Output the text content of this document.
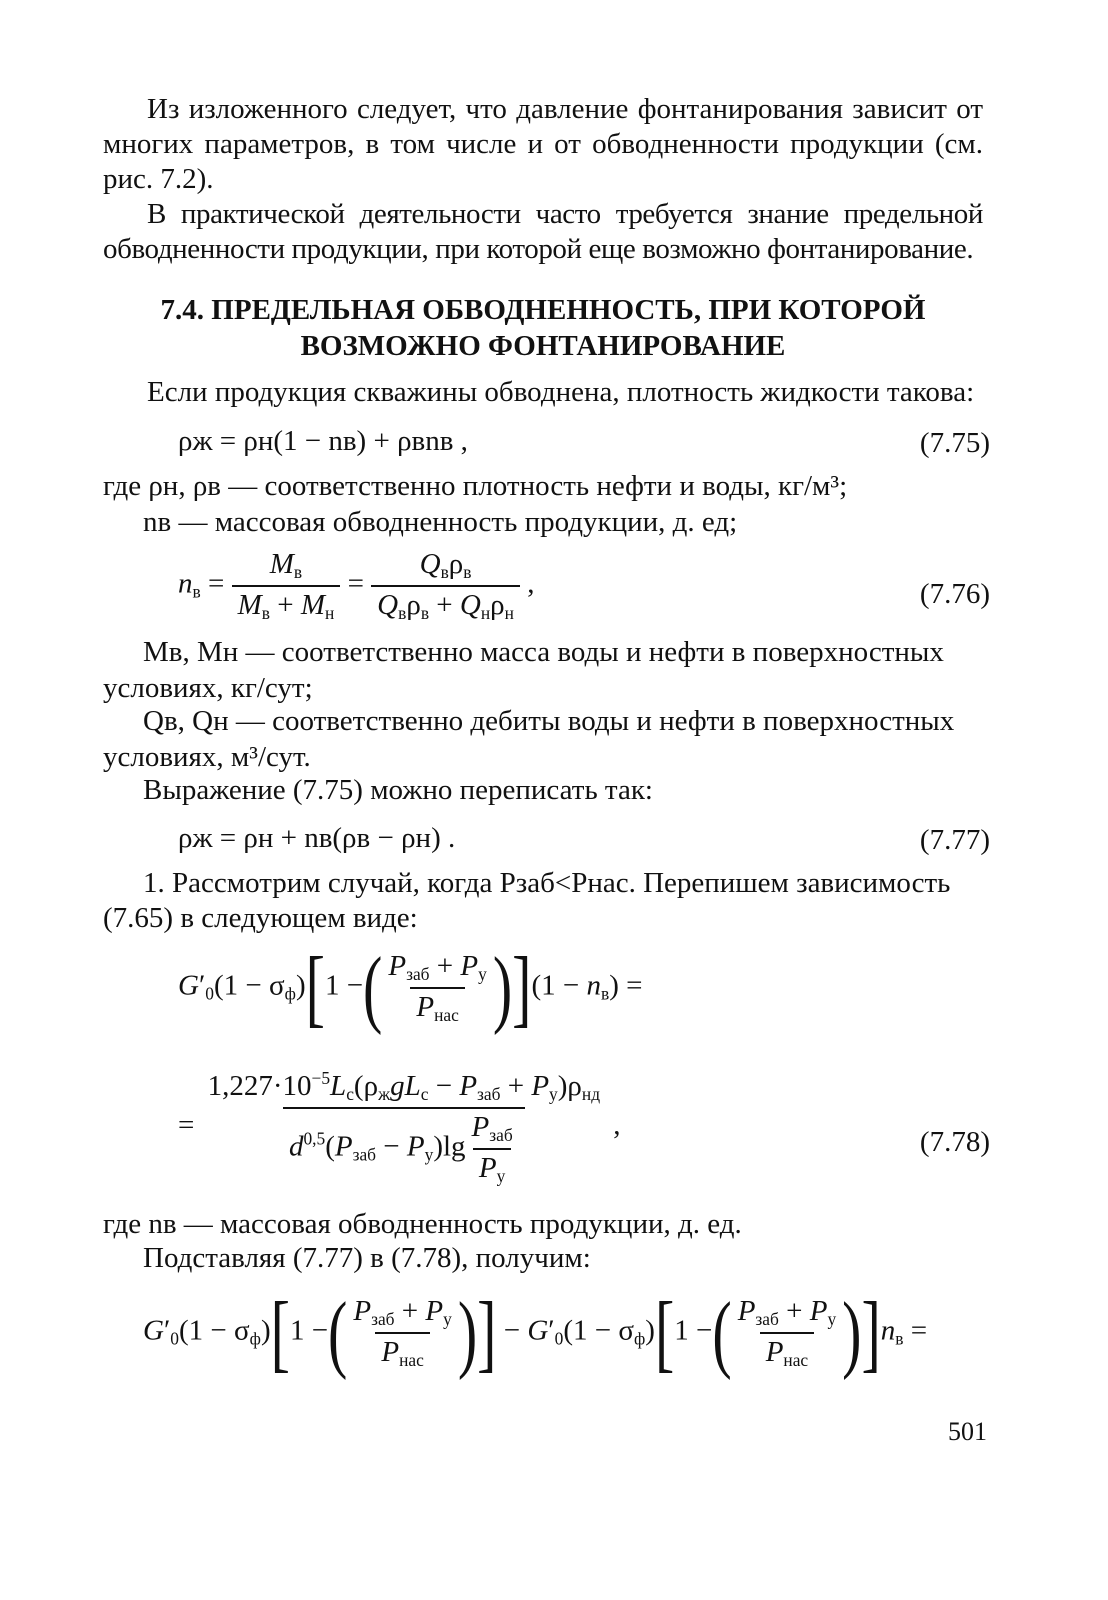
Из изложенного следует, что давление фонтанирования зависит от многих параметров, в том числе и от обводненности продукции (см. рис. 7.2).
В практической деятельности часто требуется знание предельной обводненности продукции, при которой еще возможно фонтанирование.
7.4. ПРЕДЕЛЬНАЯ ОБВОДНЕННОСТЬ, ПРИ КОТОРОЙ
ВОЗМОЖНО ФОНТАНИРОВАНИЕ
Если продукция скважины обводнена, плотность жидкости такова:
ρж = ρн(1 − nв) + ρвnв ,	(7.75)
где ρн, ρв — соответственно плотность нефти и воды, кг/м³;
nв — массовая обводненность продукции, д. ед;
$n_в = \frac{M_в}{M_в + M_н} = \frac{Q_в\rho_в}{Q_в\rho_в + Q_н\rho_н}$ ,	(7.76)
Mв, Mн — соответственно масса воды и нефти в поверхностных
условиях, кг/сут;
Qв, Qн — соответственно дебиты воды и нефти в поверхностных
условиях, м³/сут.
Выражение (7.75) можно переписать так:
ρж = ρн + nв(ρв − ρн) .	(7.77)
1. Рассмотрим случай, когда Pзаб<Pнас. Перепишем зависимость
(7.65) в следующем виде:
$G'_0(1 - \sigma_ф)[1$ −( $\frac{P_{заб} + P_у}{P_{нас}} )](1 - n_в)$ =
= $\frac{1,227\cdot 10^{-5}L_с(\rho_жgL_с - P_{заб} + P_у)\rho_{нд}}{d^{0,5}(P_{заб} - P_у)\lg \frac{P_{заб}}{P_у}}$ ,
(7.78)
где nв — массовая обводненность продукции, д. ед.
Подставляя (7.77) в (7.78), получим:
$G'_0(1 - \sigma_ф)[1$ −( $\frac{P_{заб} + P_у}{P_{нас}}$ )] − $G'_0(1 - \sigma_ф)[1$ −( $\frac{P_{заб} + P_у}{P_{нас}} )]n_в$ =
501
